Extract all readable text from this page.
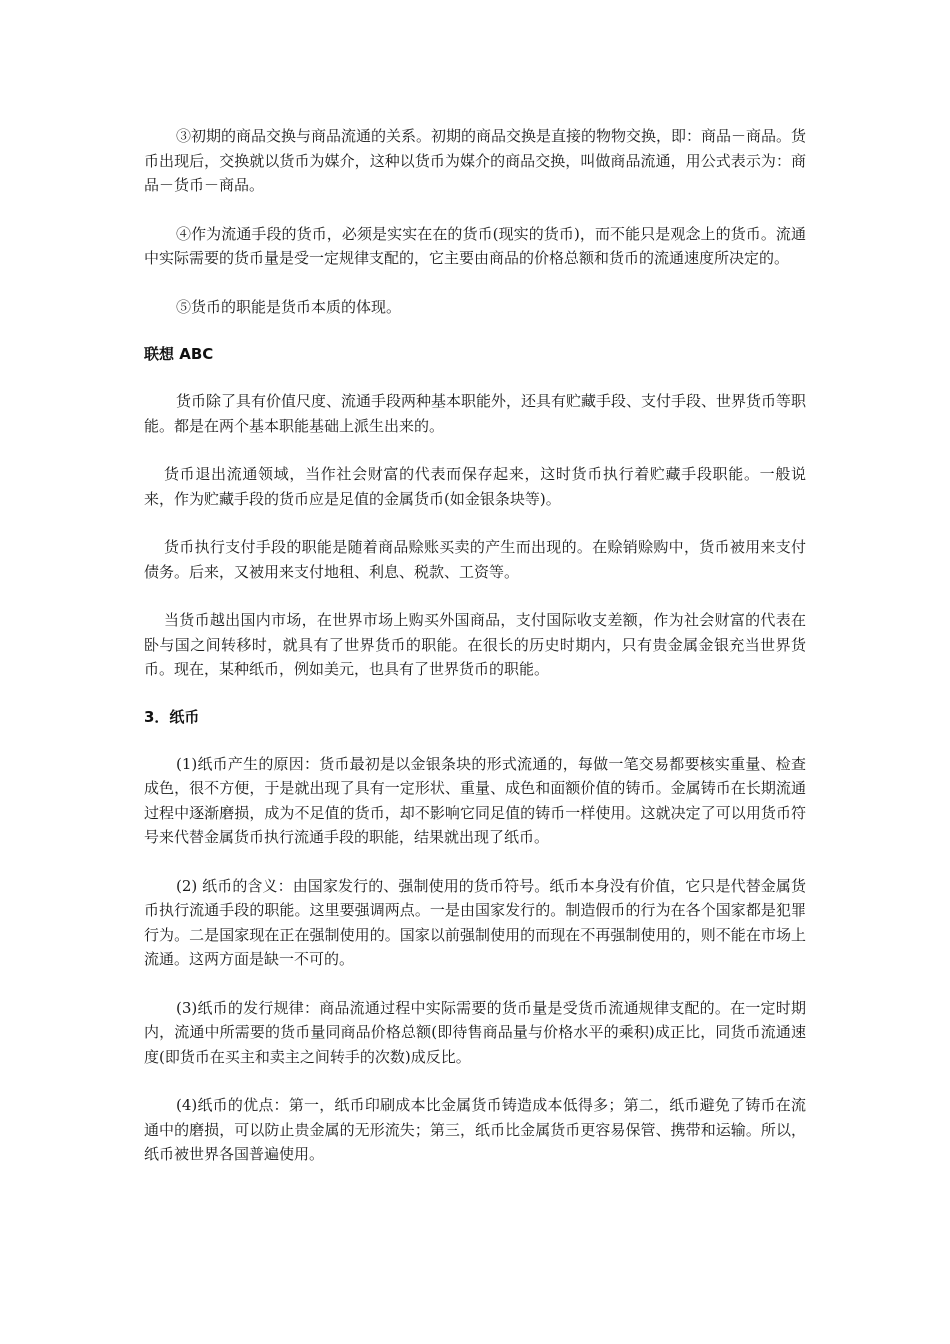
③初期的商品交换与商品流通的关系。初期的商品交换是直接的物物交换，即：商品－商品。货币出现后，交换就以货币为媒介，这种以货币为媒介的商品交换，叫做商品流通，用公式表示为：商品－货币－商品。

④作为流通手段的货币，必须是实实在在的货币(现实的货币)，而不能只是观念上的货币。流通中实际需要的货币量是受一定规律支配的，它主要由商品的价格总额和货币的流通速度所决定的。

⑤货币的职能是货币本质的体现。

联想 ABC

货币除了具有价值尺度、流通手段两种基本职能外，还具有贮藏手段、支付手段、世界货币等职能。都是在两个基本职能基础上派生出来的。

货币退出流通领域，当作社会财富的代表而保存起来，这时货币执行着贮藏手段职能。一般说来，作为贮藏手段的货币应是足值的金属货币(如金银条块等)。

货币执行支付手段的职能是随着商品赊账买卖的产生而出现的。在赊销赊购中，货币被用来支付债务。后来，又被用来支付地租、利息、税款、工资等。

当货币越出国内市场，在世界市场上购买外国商品，支付国际收支差额，作为社会财富的代表在卧与国之间转移时，就具有了世界货币的职能。在很长的历史时期内，只有贵金属金银充当世界货币。现在，某种纸币，例如美元，也具有了世界货币的职能。

3．纸币

(1)纸币产生的原因：货币最初是以金银条块的形式流通的，每做一笔交易都要核实重量、检查成色，很不方便，于是就出现了具有一定形状、重量、成色和面额价值的铸币。金属铸币在长期流通过程中逐渐磨损，成为不足值的货币，却不影响它同足值的铸币一样使用。这就决定了可以用货币符号来代替金属货币执行流通手段的职能，结果就出现了纸币。

(2) 纸币的含义：由国家发行的、强制使用的货币符号。纸币本身没有价值，它只是代替金属货币执行流通手段的职能。这里要强调两点。一是由国家发行的。制造假币的行为在各个国家都是犯罪行为。二是国家现在正在强制使用的。国家以前强制使用的而现在不再强制使用的，则不能在市场上流通。这两方面是缺一不可的。

(3)纸币的发行规律：商品流通过程中实际需要的货币量是受货币流通规律支配的。在一定时期内，流通中所需要的货币量同商品价格总额(即待售商品量与价格水平的乘积)成正比，同货币流通速度(即货币在买主和卖主之间转手的次数)成反比。

(4)纸币的优点：第一，纸币印刷成本比金属货币铸造成本低得多；第二，纸币避免了铸币在流通中的磨损，可以防止贵金属的无形流失；第三，纸币比金属货币更容易保管、携带和运输。所以，纸币被世界各国普遍使用。
